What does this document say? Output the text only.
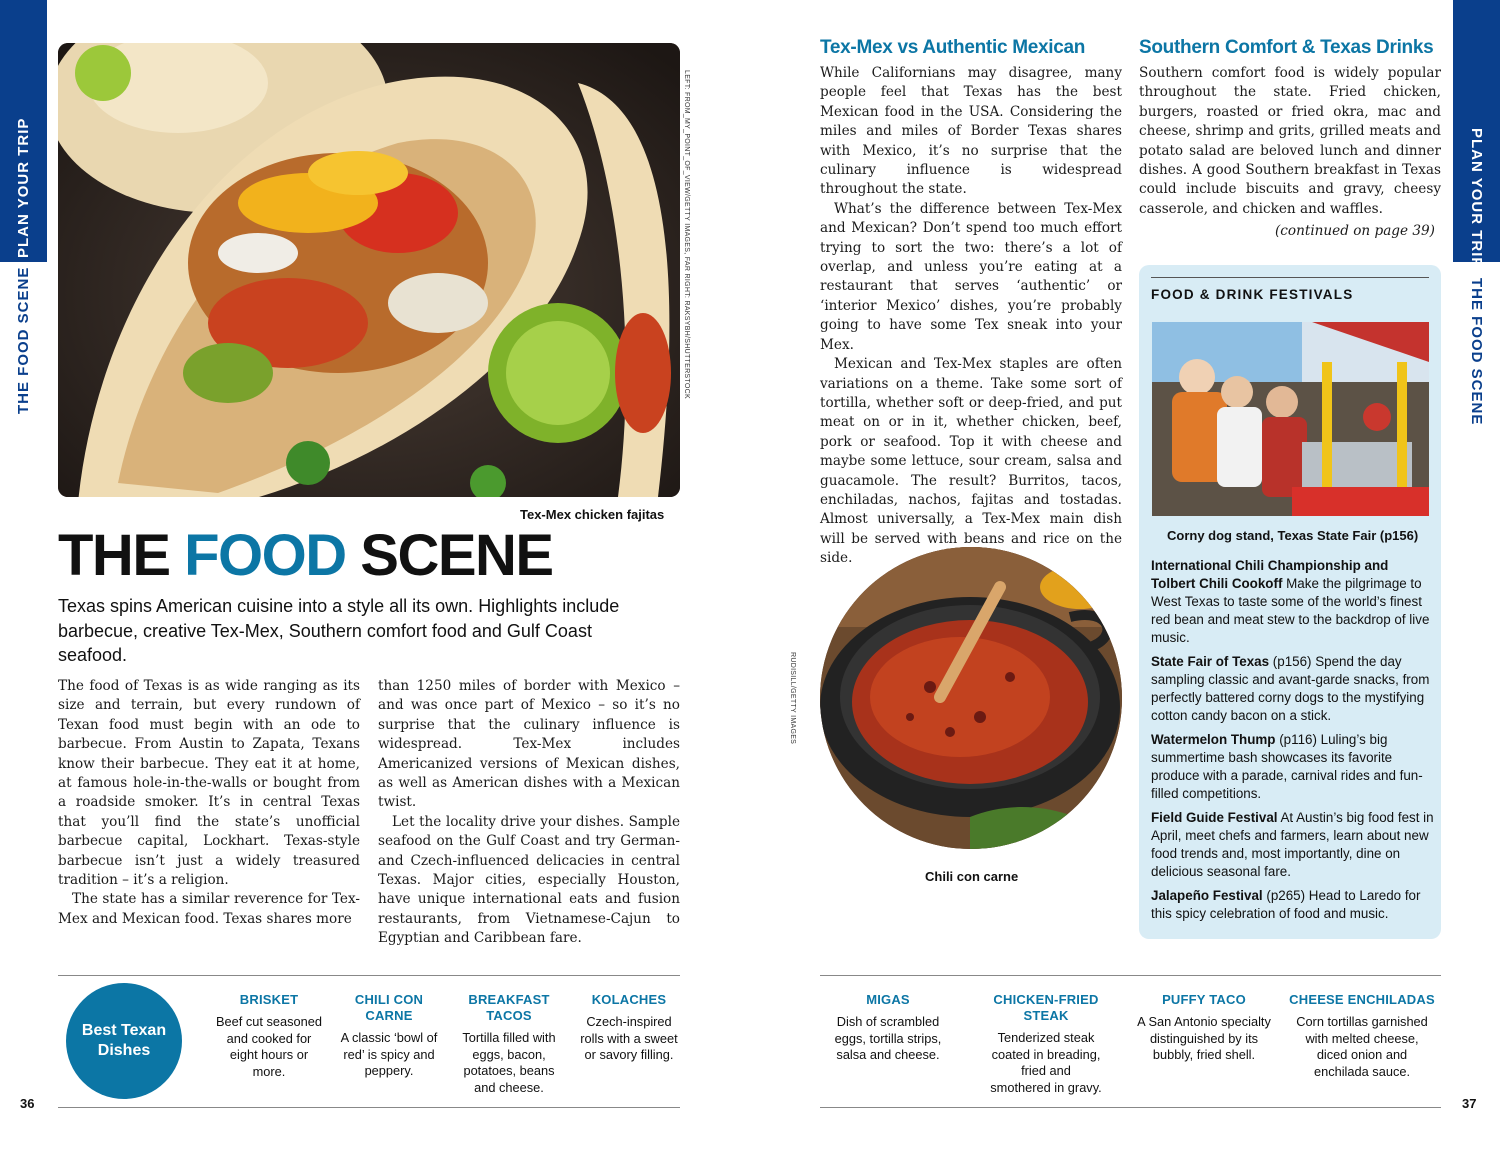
PLAN YOUR TRIP
THE FOOD SCENE
PLAN YOUR TRIP
THE FOOD SCENE
LEFT: FROM_MY_POINT_OF_VIEW/GETTY IMAGES, FAR RIGHT: RAKSYBH/SHUTTERSTOCK
Tex-Mex chicken fajitas
THE FOOD SCENE
Texas spins American cuisine into a style all its own. Highlights include barbecue, creative Tex-Mex, Southern comfort food and Gulf Coast seafood.

The food of Texas is as wide ranging as its size and terrain, but every rundown of Texan food must begin with an ode to barbecue. From Austin to Zapata, Texans know their barbecue. They eat it at home, at famous hole-in-the-walls or bought from a roadside smoker. It’s in central Texas that you’ll find the state’s unofficial barbecue capital, Lockhart. Texas-style barbecue isn’t just a widely treasured tradition – it’s a religion.

The state has a similar reverence for Tex-Mex and Mexican food. Texas shares more

than 1250 miles of border with Mexico – and was once part of Mexico – so it’s no surprise that the culinary influence is widespread. Tex-Mex includes Americanized versions of Mexican dishes, as well as American dishes with a Mexican twist.

Let the locality drive your dishes. Sample seafood on the Gulf Coast and try German- and Czech-influenced delicacies in central Texas. Major cities, especially Houston, have unique international eats and fusion restaurants, from Vietnamese-Cajun to Egyptian and Caribbean fare.

Tex-Mex vs Authentic Mexican

While Californians may disagree, many people feel that Texas has the best Mexican food in the USA. Considering the miles and miles of Border Texas shares with Mexico, it’s no surprise that the culinary influence is widespread throughout the state.

What’s the difference between Tex-Mex and Mexican? Don’t spend too much effort trying to sort the two: there’s a lot of overlap, and unless you’re eating at a restaurant that serves ‘authentic’ or ‘interior Mexico’ dishes, you’re probably going to have some Tex sneak into your Mex.

Mexican and Tex-Mex staples are often variations on a theme. Take some sort of tortilla, whether soft or deep-fried, and put meat on or in it, whether chicken, beef, pork or seafood. Top it with cheese and maybe some lettuce, sour cream, salsa and guacamole. The result? Burritos, tacos, enchiladas, nachos, fajitas and tostadas. Almost universally, a Tex-Mex main dish will be served with beans and rice on the side.

Southern Comfort & Texas Drinks

Southern comfort food is widely popular throughout the state. Fried chicken, burgers, roasted or fried okra, mac and cheese, shrimp and grits, grilled meats and potato salad are beloved lunch and dinner dishes. A good Southern breakfast in Texas could include biscuits and gravy, cheesy casserole, and chicken and waffles.

(continued on page 39)
RUDISILL/GETTY IMAGES
Chili con carne
FOOD & DRINK FESTIVALS
Corny dog stand, Texas State Fair (p156)
International Chili Championship and Tolbert Chili Cookoff Make the pilgrimage to West Texas to taste some of the world’s finest red bean and meat stew to the backdrop of live music.
State Fair of Texas (p156) Spend the day sampling classic and avant-garde snacks, from perfectly battered corny dogs to the mystifying cotton candy bacon on a stick.
Watermelon Thump (p116) Luling’s big summertime bash showcases its favorite produce with a parade, carnival rides and fun-filled competitions.
Field Guide Festival At Austin’s big food fest in April, meet chefs and farmers, learn about new food trends and, most importantly, dine on delicious seasonal fare.
Jalapeño Festival (p265) Head to Laredo for this spicy celebration of food and music.
Best Texan
Dishes
BRISKET
Beef cut seasoned and cooked for eight hours or more.
CHILI CON CARNE
A classic ‘bowl of red’ is spicy and peppery.
BREAKFAST TACOS
Tortilla filled with eggs, bacon, potatoes, beans and cheese.
KOLACHES
Czech-inspired rolls with a sweet or savory filling.
MIGAS
Dish of scrambled eggs, tortilla strips, salsa and cheese.
CHICKEN-FRIED STEAK
Tenderized steak coated in breading, fried and smothered in gravy.
PUFFY TACO
A San Antonio specialty distinguished by its bubbly, fried shell.
CHEESE ENCHILADAS
Corn tortillas garnished with melted cheese, diced onion and enchilada sauce.
36	37
